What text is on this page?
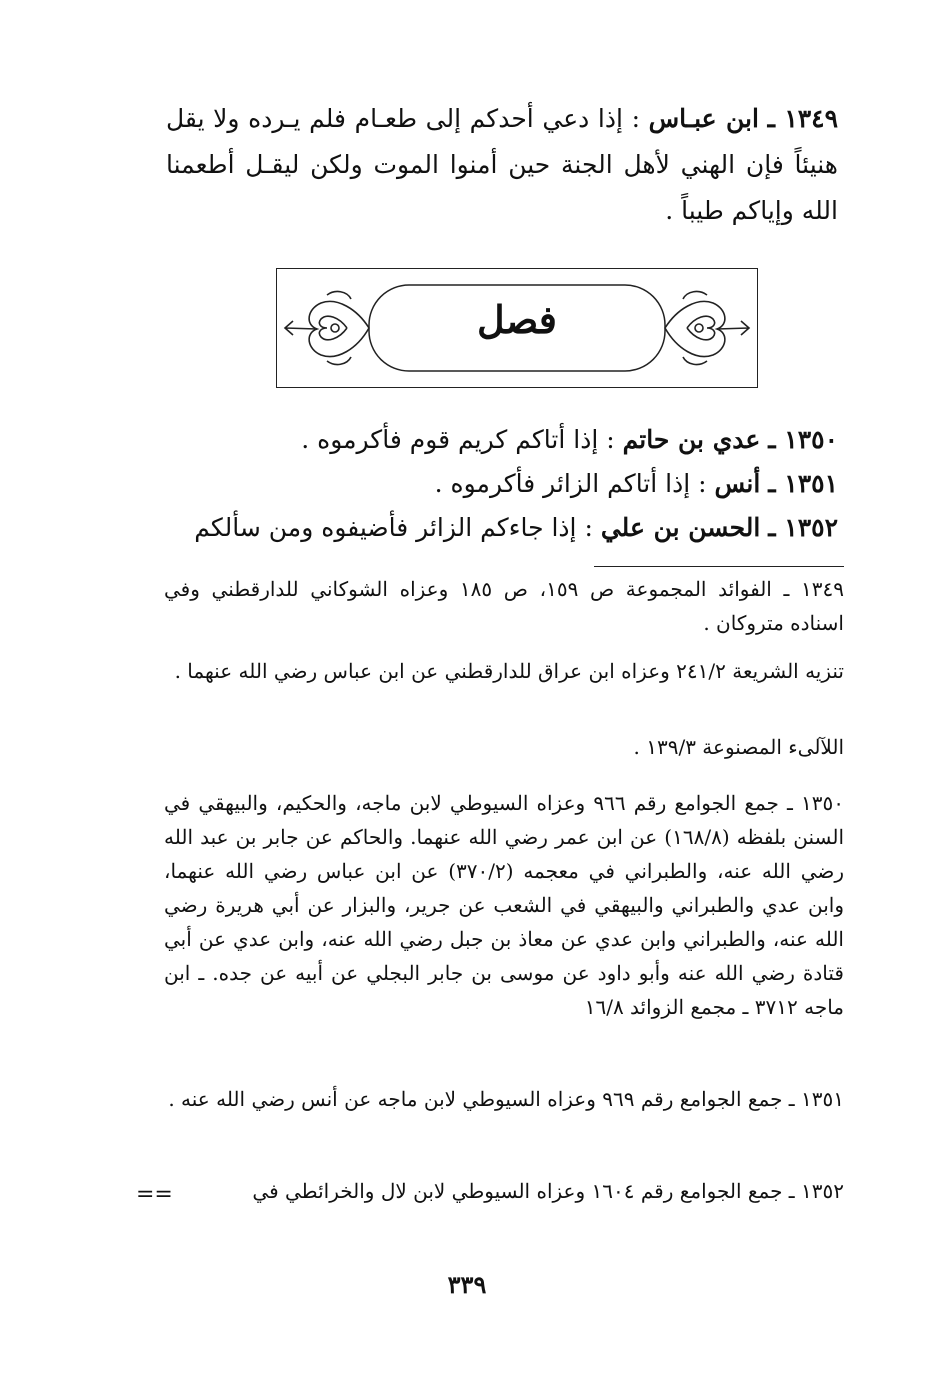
١٣٤٩ ـ ابن عبـاس : إذا دعي أحدكم إلى طعـام فلم يـرده ولا يقل هنيئاً فإن الهني لأهل الجنة حين أمنوا الموت ولكن ليقـل أطعمنا الله وإياكم طيباً .
فصل
١٣٥٠ ـ عدي بن حاتم : إذا أتاكم كريم قوم فأكرموه .
١٣٥١ ـ أنس : إذا أتاكم الزائر فأكرموه .
١٣٥٢ ـ الحسن بن علي : إذا جاءكم الزائر فأضيفوه ومن سألكم

١٣٤٩ ـ الفوائد المجموعة ص ١٥٩، ص ١٨٥ وعزاه الشوكاني للدارقطني وفي اسناده متروكان .

تنزيه الشريعة ٢٤١/٢ وعزاه ابن عراق للدارقطني عن ابن عباس رضي الله عنهما .

اللآلىء المصنوعة ١٣٩/٣ .

١٣٥٠ ـ جمع الجوامع رقم ٩٦٦ وعزاه السيوطي لابن ماجه، والحكيم، والبيهقي في السنن بلفظه (١٦٨/٨) عن ابن عمر رضي الله عنهما. والحاكم عن جابر بن عبد الله رضي الله عنه، والطبراني في معجمه (٣٧٠/٢) عن ابن عباس رضي الله عنهما، وابن عدي والطبراني والبيهقي في الشعب عن جرير، والبزار عن أبي هريرة رضي الله عنه، والطبراني وابن عدي عن معاذ بن جبل رضي الله عنه، وابن عدي عن أبي قتادة رضي الله عنه وأبو داود عن موسى بن جابر البجلي عن أبيه عن جده. ـ ابن ماجه ٣٧١٢ ـ مجمع الزوائد ١٦/٨

١٣٥١ ـ جمع الجوامع رقم ٩٦٩ وعزاه السيوطي لابن ماجه عن أنس رضي الله عنه .

١٣٥٢ ـ جمع الجوامع رقم ١٦٠٤ وعزاه السيوطي لابن لال والخرائطي في

==
٣٣٩
